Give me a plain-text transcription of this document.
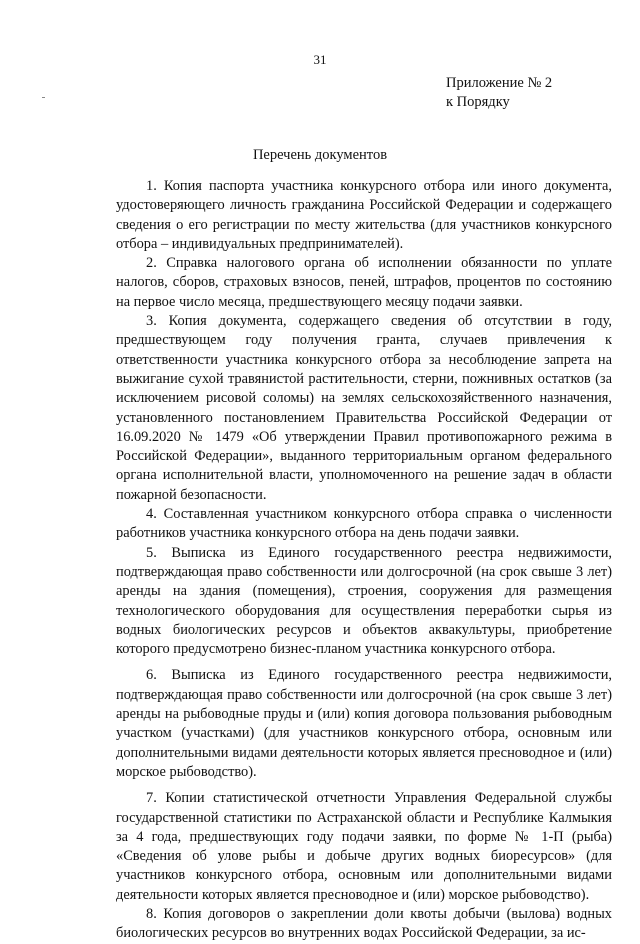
31
Приложение № 2
к Порядку
Перечень документов

1. Копия паспорта участника конкурсного отбора или иного документа, удостоверяющего личность гражданина Российской Федерации и содержащего сведения о его регистрации по месту жительства (для участников конкурсного отбора – индивидуальных предпринимателей).

2. Справка налогового органа об исполнении обязанности по уплате налогов, сборов, страховых взносов, пеней, штрафов, процентов по состоянию на первое число месяца, предшествующего месяцу подачи заявки.

3. Копия документа, содержащего сведения об отсутствии в году, предшествующем году получения гранта, случаев привлечения к ответственности участника конкурсного отбора за несоблюдение запрета на выжигание сухой травянистой растительности, стерни, пожнивных остатков (за исключением рисовой соломы) на землях сельскохозяйственного назначения, установленного постановлением Правительства Российской Федерации от 16.09.2020 № 1479 «Об утверждении Правил противопожарного режима в Российской Федерации», выданного территориальным органом федерального органа исполнительной власти, уполномоченного на решение задач в области пожарной безопасности.

4. Составленная участником конкурсного отбора справка о численности работников участника конкурсного отбора на день подачи заявки.

5. Выписка из Единого государственного реестра недвижимости, подтверждающая право собственности или долгосрочной (на срок свыше 3 лет) аренды на здания (помещения), строения, сооружения для размещения технологического оборудования для осуществления переработки сырья из водных биологических ресурсов и объектов аквакультуры, приобретение которого предусмотрено бизнес-планом участника конкурсного отбора.

6. Выписка из Единого государственного реестра недвижимости, подтверждающая право собственности или долгосрочной (на срок свыше 3 лет) аренды на рыбоводные пруды и (или) копия договора пользования рыбоводным участком (участками) (для участников конкурсного отбора, основным или дополнительными видами деятельности которых является пресноводное и (или) морское рыбоводство).

7. Копии статистической отчетности Управления Федеральной службы государственной статистики по Астраханской области и Республике Калмыкия за 4 года, предшествующих году подачи заявки, по форме № 1-П (рыба) «Сведения об улове рыбы и добыче других водных биоресурсов» (для участников конкурсного отбора, основным или дополнительными видами деятельности которых является пресноводное и (или) морское рыбоводство).

8. Копия договоров о закреплении доли квоты добычи (вылова) водных биологических ресурсов во внутренних водах Российской Федерации, за ис-
